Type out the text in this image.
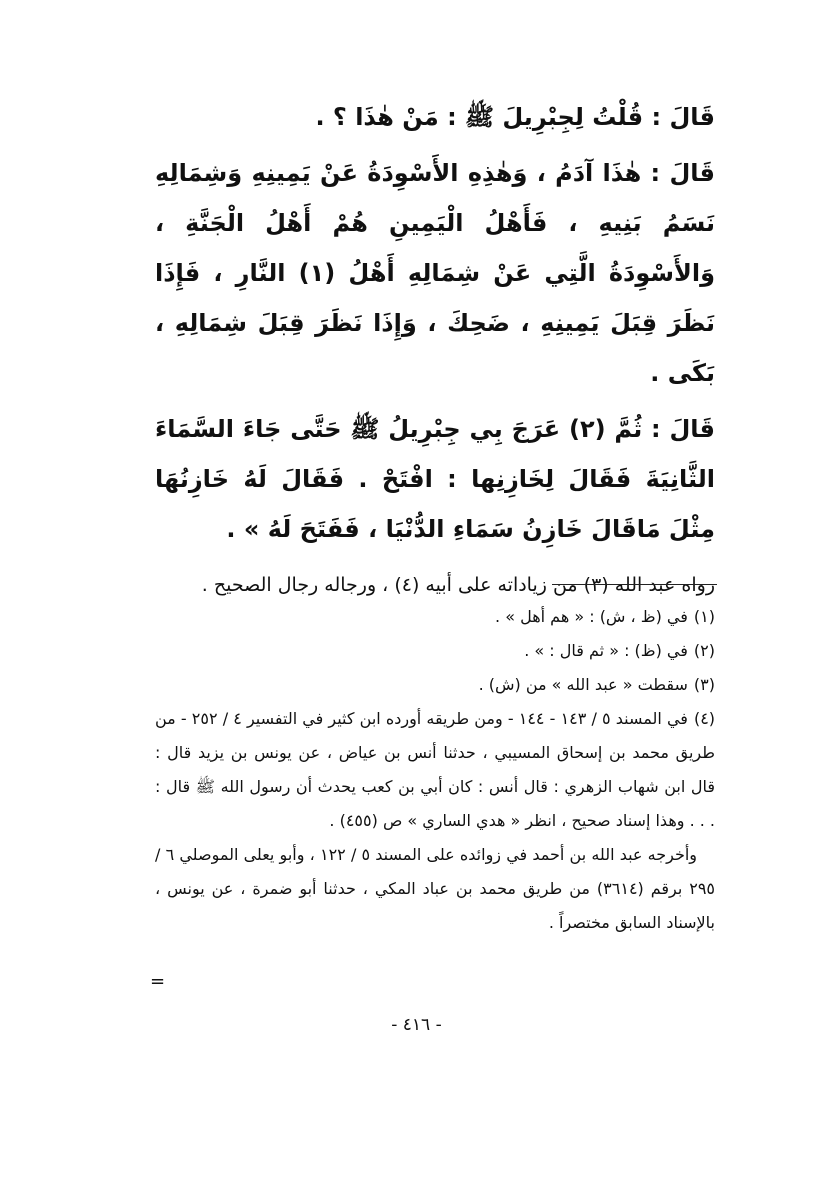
قَالَ : قُلْتُ لِجِبْرِيلَ ﷺ : مَنْ هٰذَا ؟ .

قَالَ : هٰذَا آدَمُ ، وَهٰذِهِ الأَسْوِدَةُ عَنْ يَمِينِهِ وَشِمَالِهِ نَسَمُ بَنِيهِ ، فَأَهْلُ الْيَمِينِ هُمْ أَهْلُ الْجَنَّةِ ، وَالأَسْوِدَةُ الَّتِي عَنْ شِمَالِهِ أَهْلُ (١) النَّارِ ، فَإِذَا نَظَرَ قِبَلَ يَمِينِهِ ، ضَحِكَ ، وَإِذَا نَظَرَ قِبَلَ شِمَالِهِ ، بَكَى .

قَالَ : ثُمَّ (٢) عَرَجَ بِي جِبْرِيلُ ﷺ حَتَّى جَاءَ السَّمَاءَ الثَّانِيَةَ فَقَالَ لِخَازِنِها : افْتَحْ . فَقَالَ لَهُ خَازِنُهَا مِثْلَ مَاقَالَ خَازِنُ سَمَاءِ الدُّنْيَا ، فَفَتَحَ لَهُ » .

رواه عبد الله (٣) من زياداته على أبيه (٤) ، ورجاله رجال الصحيح .

(١)في (ظ ، ش) : « هم أهل » .

(٢)في (ظ) : « ثم قال : » .

(٣)سقطت « عبد الله » من (ش) .

(٤)في المسند ٥ / ١٤٣ - ١٤٤ - ومن طريقه أورده ابن كثير في التفسير ٤ / ٢٥٢ - من طريق محمد بن إسحاق المسيبي ، حدثنا أنس بن عياض ، عن يونس بن يزيد قال : قال ابن شهاب الزهري : قال أنس : كان أبي بن كعب يحدث أن رسول الله ﷺ قال : . . . وهذا إسناد صحيح ، انظر « هدي الساري » ص (٤٥٥) .

وأخرجه عبد الله بن أحمد في زوائده على المسند ٥ / ١٢٢ ، وأبو يعلى الموصلي ٦ / ٢٩٥ برقم (٣٦١٤) من طريق محمد بن عباد المكي ، حدثنا أبو ضمرة ، عن يونس ، بالإسناد السابق مختصراً .

=
- ٤١٦ -
